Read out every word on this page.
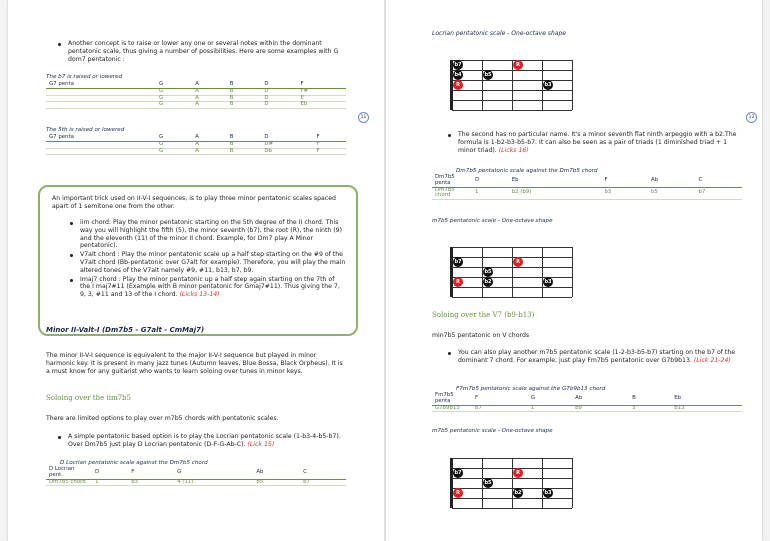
Another concept is to raise or lower any one or several notes within the dominant pentatonic scale, thus giving a number of possibilities. Here are some examples with G dom7 pentatonic :
The b7 is raised or lowered
G7 penta	G	A	B	D	F
	G	A	B	D	F#
	G	A	B	D	E
	G	A	B	D	Eb
The 5th is raised or lowered
G7 penta	G	A	B	D	F
	G	A	B	D#	F
	G	A	B	Db	F
An important trick used on II-V-I sequences, is to play three minor pentatonic scales spaced apart of 1 semitone one from the other.
iim chord: Play the minor pentatonic starting on the 5th degree of the II chord. This way you will highlight the fifth (5), the minor seventh (b7), the root (R), the ninth (9) and the eleventh (11) of the minor II chord. Example, for Dm7 play A Minor pentatonic).
V7alt chord : Play the minor pentatonic scale up a half step starting on the #9 of the V7alt chord (Bb-pentatonic over G7alt for example). Therefore, you will play the main altered tones of the V7alt namely #9, #11, b13, b7, b9.
Imaj7 chord : Play the minor pentatonic up a half step again starting on the 7th of the I maj7#11 (Example with B minor pentatonic for Gmaj7#11). Thus giving the 7, 9, 3, #11 and 13 of the I chord. (Licks 13-14)
Minor II-Valt-I (Dm7b5 - G7alt - CmMaj7)
The minor II-V-I sequence is equivalent to the major II-V-I sequence but played in minor harmonic key. It is present in many jazz tunes (Autumn leaves, Blue Bossa, Black Orpheus). It is a must know for any guitarist who wants to learn soloing over tunes in minor keys.
Soloing over the iim7b5
There are limited options to play over m7b5 chords with pentatonic scales.
A simple pentatonic based option is to play the Locrian pentatonic scale (1-b3-4-b5-b7). Over Dm7b5 just play D Locrian pentatonic (D-F-G-Ab-C). (Lick 15)
D Locrian pentatonic scale against the Dm7b5 chord
D Locrian pent.	D	F	G	Ab	C
Dm7b5 chord	1	b3	4 (11)	b5	b7
11
Locrian pentatonic scale - One-octave shape
b7	R
b4	b5
R	b3
The second has no particular name. It's a minor seventh flat ninth arpeggio with a b2.The formula is 1-b2-b3-b5-b7. It can also be seen as a pair of triads (1 diminished triad + 1 minor triad). (Licks 16)
Dm7b5 pentatonic scale against the Dm7b5 chord
Dm7b5 penta	D	Eb	F	Ab	C
Dm7b5 chord	1	b2 (b9)	b3	b5	b7
m7b5 pentatonic scale - One-octave shape
b7	R
b5
R	b2	b3
Soloing over the V7 (b9-b13)
min7b5 pentatonic on V chords
You can also play another m7b5 pentatonic scale (1-2-b3-b5-b7) starting on the b7 of the dominant 7 chord. For example, just play Fm7b5 pentatonic over G7b9b13. (Lick 21-24)
F7m7b5 pentatonic scale against the G7b9b13 chord
Fm7b5 penta	F	G	Ab	B	Eb
G7b9b13	b7	1	b9	3	b13
m7b5 pentatonic scale - One-octave shape
b7	R
b5
R	b2	b3
12
